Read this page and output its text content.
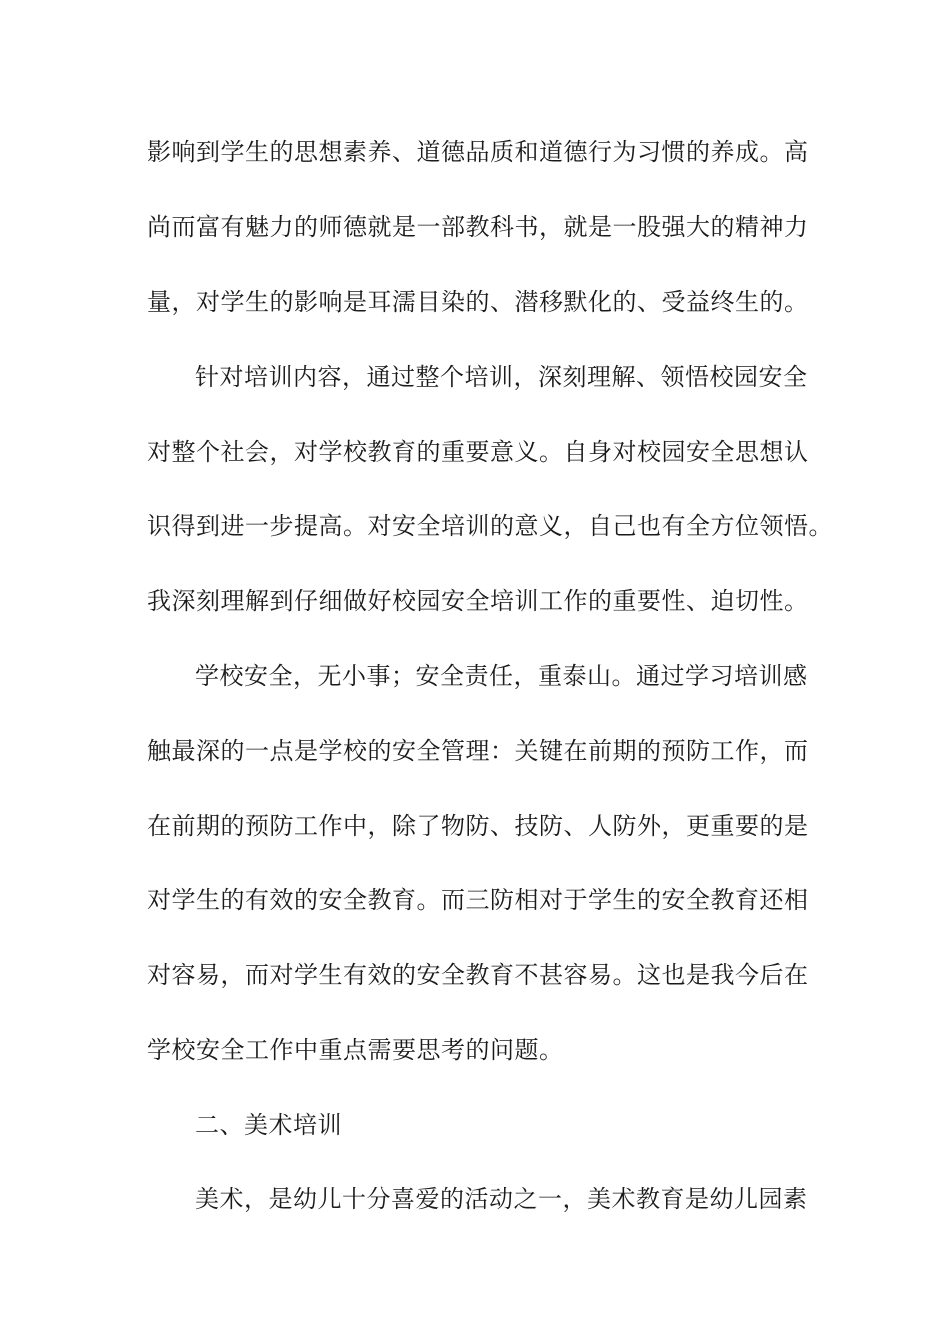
影响到学生的思想素养、道德品质和道德行为习惯的养成。高
尚而富有魅力的师德就是一部教科书，就是一股强大的精神力
量，对学生的影响是耳濡目染的、潜移默化的、受益终生的。
针对培训内容，通过整个培训，深刻理解、领悟校园安全
对整个社会，对学校教育的重要意义。自身对校园安全思想认
识得到进一步提高。对安全培训的意义，自己也有全方位领悟。
我深刻理解到仔细做好校园安全培训工作的重要性、迫切性。
学校安全，无小事；安全责任，重泰山。通过学习培训感
触最深的一点是学校的安全管理：关键在前期的预防工作，而
在前期的预防工作中，除了物防、技防、人防外，更重要的是
对学生的有效的安全教育。而三防相对于学生的安全教育还相
对容易，而对学生有效的安全教育不甚容易。这也是我今后在
学校安全工作中重点需要思考的问题。
二、美术培训
美术，是幼儿十分喜爱的活动之一，美术教育是幼儿园素
